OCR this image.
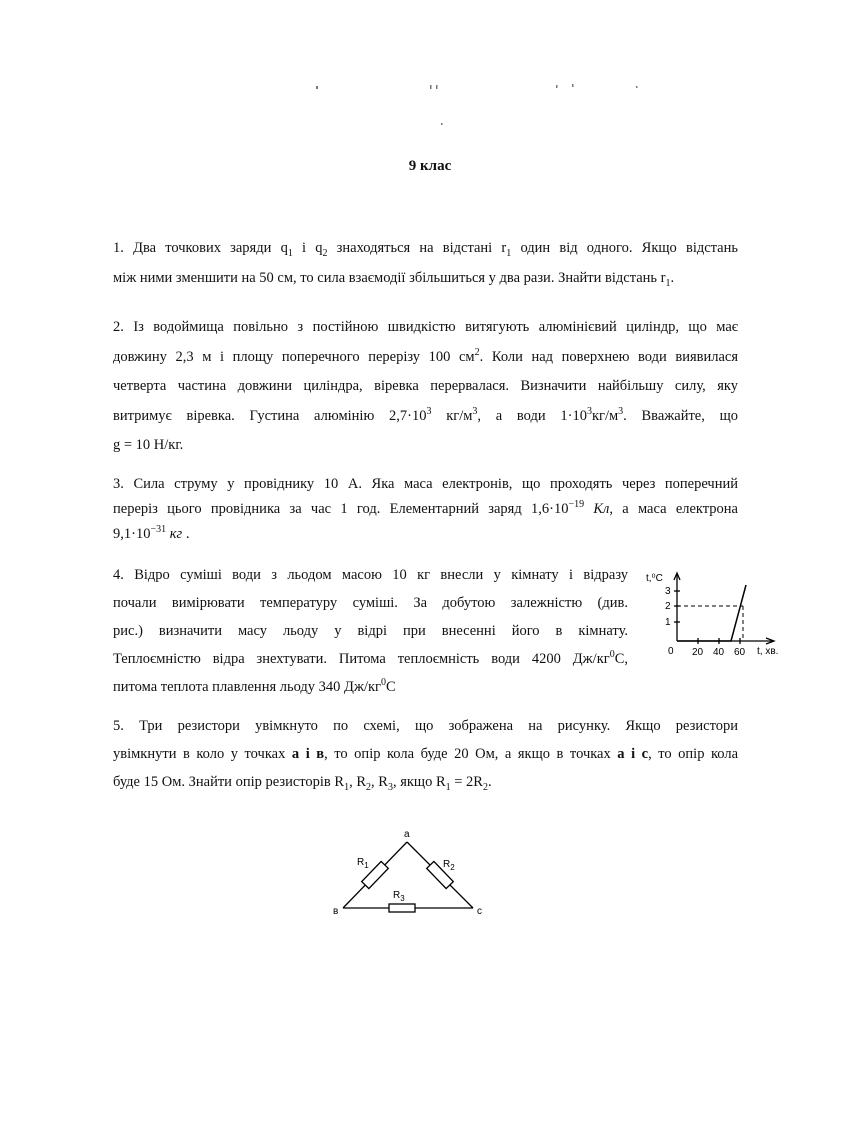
9 клас

1. Два точкових заряди $q_1$ і $q_2$ знаходяться на відстані $r_1$ один від одного. Якщо відстань

між ними зменшити на 50 см, то сила взаємодії збільшиться у два рази. Знайти відстань $r_1$.

2. Із водоймища повільно з постійною швидкістю витягують алюмінієвий циліндр, що має

довжину 2,3 м і площу поперечного перерізу 100 $см^2$. Коли над поверхнею води виявилася

четверта частина довжини циліндра, віревка перервалася. Визначити найбільшу силу, яку

витримує віревка. Густина алюмінію $2,7\cdot 10^3$ $кг/м^3$, а води $1\cdot 10^3кг/м^3$. Вважайте, що

g = 10 Н/кг.

3. Сила струму у провіднику 10 А. Яка маса електронів, що проходять через поперечний

переріз цього провідника за час 1 год. Елементарний заряд $1,6\cdot 10^{-19}$ Кл, а маса електрона

$9,1\cdot 10^{-31}$ кг .

4. Відро суміші води з льодом масою 10 кг внесли у кімнату і відразу

почали вимірювати температуру суміші. За добутою залежністю (див.

рис.) визначити масу льоду у відрі при внесенні його в кімнату.

Теплоємністю відра знехтувати. Питома теплоємність води 4200 $Дж/кг^0С$,

питома теплота плавлення льоду 340 $Дж/кг^0С$

t,⁰С
3
2
1
0 20 40 60 t, хв.

5. Три резистори увімкнуто по схемі, що зображена на рисунку. Якщо резистори

увімкнути в коло у точках а і в, то опір кола буде 20 Ом, а якщо в точках а і с, то опір кола

буде 15 Ом. Знайти опір резисторів $R_1$, $R_2$, $R_3$, якщо $R_1 = 2R_2$.

а
в	с
$R_1$	$R_2$
$R_3$
